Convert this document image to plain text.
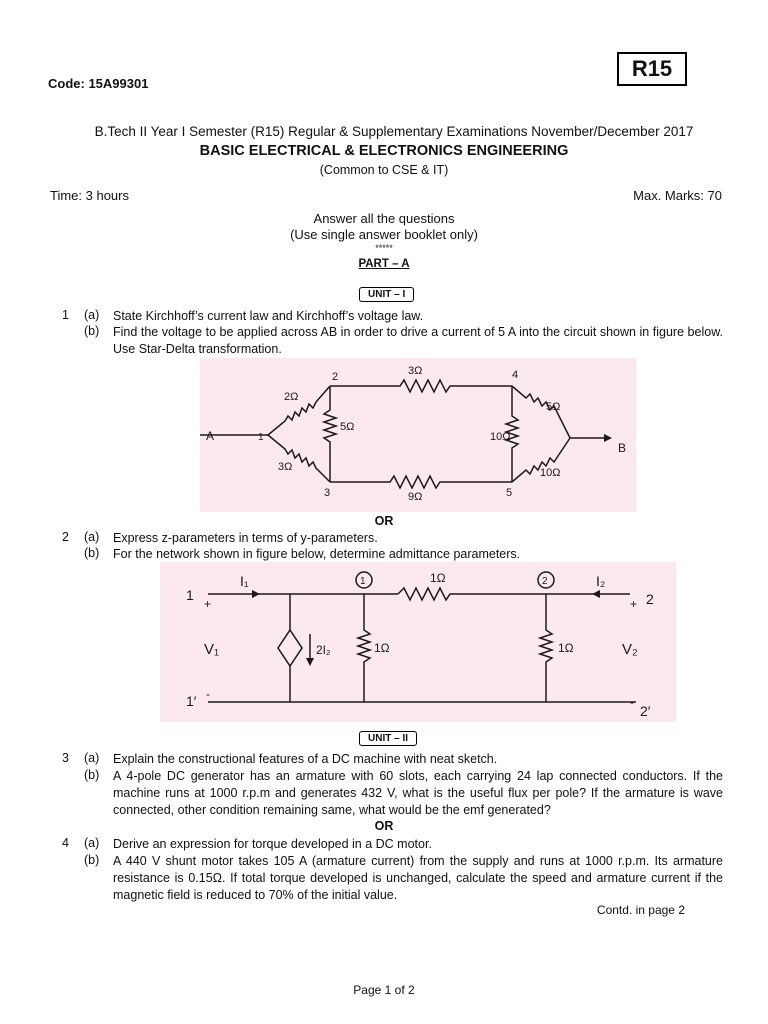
R15
Code: 15A99301
B.Tech II Year I Semester (R15) Regular & Supplementary Examinations November/December 2017
BASIC ELECTRICAL & ELECTRONICS ENGINEERING
(Common to CSE & IT)
Time: 3 hours	Max. Marks: 70
Answer all the questions
(Use single answer booklet only)
*****
PART – A
UNIT – I
1	(a)	State Kirchhoff’s current law and Kirchhoff’s voltage law.
(b)	Find the voltage to be applied across AB in order to drive a current of 5 A into the circuit shown in figure below. Use Star-Delta transformation.
A
B
1
2
3
4
5
2Ω
3Ω
5Ω
3Ω
9Ω
10Ω
5Ω
10Ω
OR
2	(a)	Express z-parameters in terms of y-parameters.
(b)	For the network shown in figure below, determine admittance parameters.
1
1′
2
2′
I₁	I₂
V₁	V₂
2I₂
1	2
1Ω
1Ω
1Ω
+
-
+
-
UNIT – II
3	(a)	Explain the constructional features of a DC machine with neat sketch.
(b)	A 4-pole DC generator has an armature with 60 slots, each carrying 24 lap connected conductors. If the machine runs at 1000 r.p.m and generates 432 V, what is the useful flux per pole? If the armature is wave connected, other condition remaining same, what would be the emf generated?
OR
4	(a)	Derive an expression for torque developed in a DC motor.
(b)	A 440 V shunt motor takes 105 A (armature current) from the supply and runs at 1000 r.p.m. Its armature resistance is 0.15Ω. If total torque developed is unchanged, calculate the speed and armature current if the magnetic field is reduced to 70% of the initial value.
Contd. in page 2
Page 1 of 2
